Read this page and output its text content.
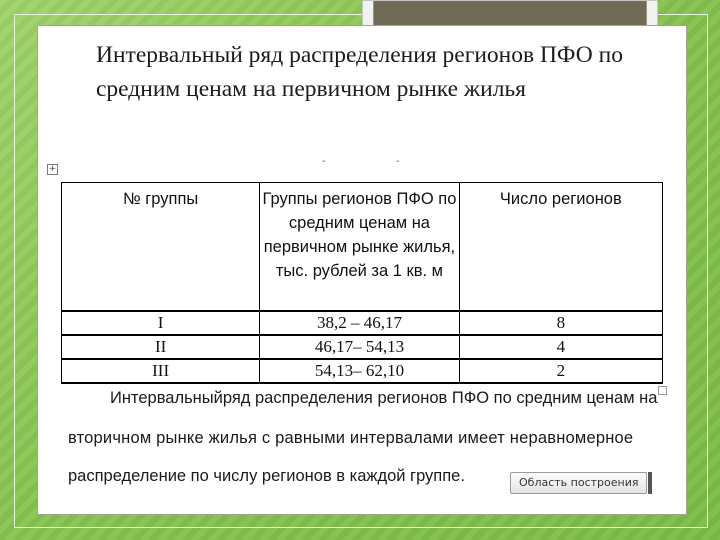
Интервальный ряд распределения регионов ПФО по средним ценам на первичном рынке жилья
-	-
+
№ группы	Группы регионов ПФО по средним ценам на первичном рынке жилья, тыс. рублей за 1 кв. м	Число регионов
I	38,2 – 46,17	8
II	46,17– 54,13	4
III	54,13– 62,10	2
Интервальныйряд распределения регионов ПФО по средним ценам на
вторичном рынке жилья с равными интервалами имеет неравномерное
распределение по числу регионов в каждой группе.	Область построения
